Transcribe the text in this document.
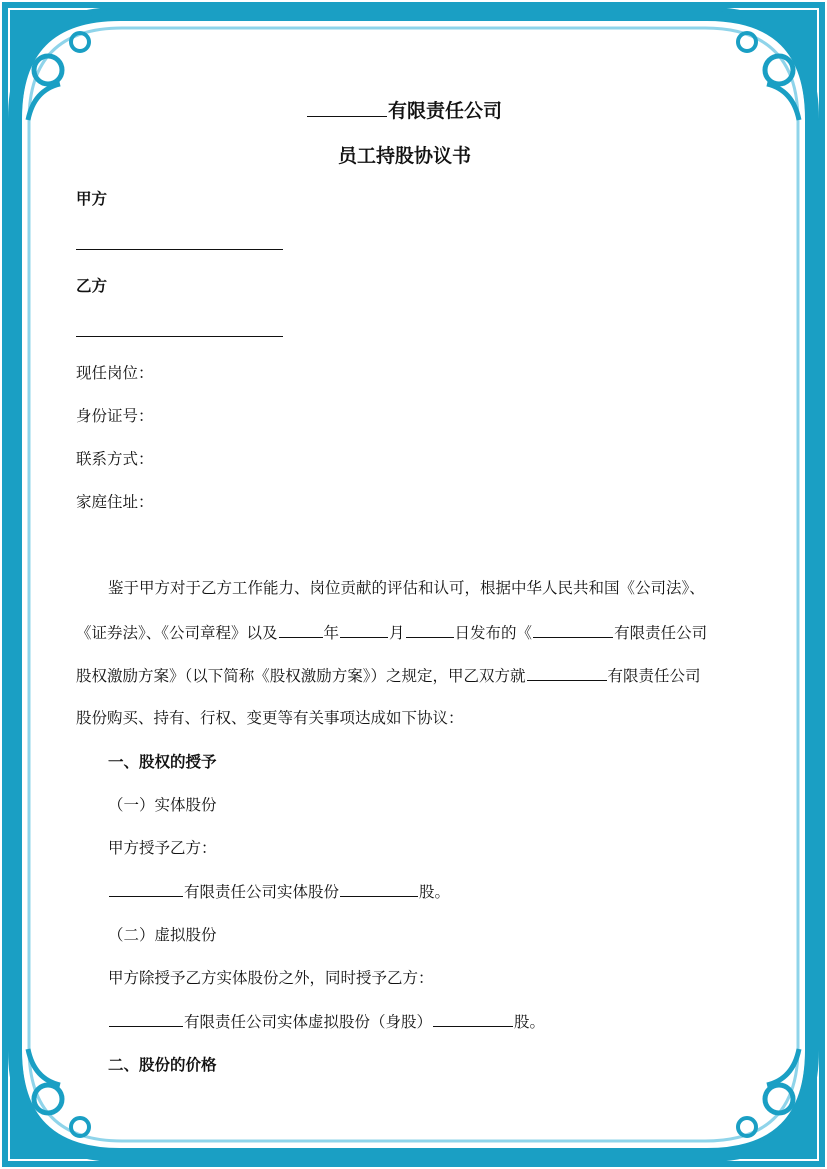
有限责任公司
员工持股协议书
甲方
乙方
现任岗位：
身份证号：
联系方式：
家庭住址：
鉴于甲方对于乙方工作能力、岗位贡献的评估和认可，根据中华人民共和国《公司法》、
《证券法》、《公司章程》以及	年	月	日发布的《	有限责任公司
股权激励方案》（以下简称《股权激励方案》）之规定，甲乙双方就	有限责任公司
股份购买、持有、行权、变更等有关事项达成如下协议：
一、股权的授予
（一）实体股份
甲方授予乙方：
有限责任公司实体股份	股。
（二）虚拟股份
甲方除授予乙方实体股份之外，同时授予乙方：
有限责任公司实体虚拟股份（身股）	股。
二、股份的价格
